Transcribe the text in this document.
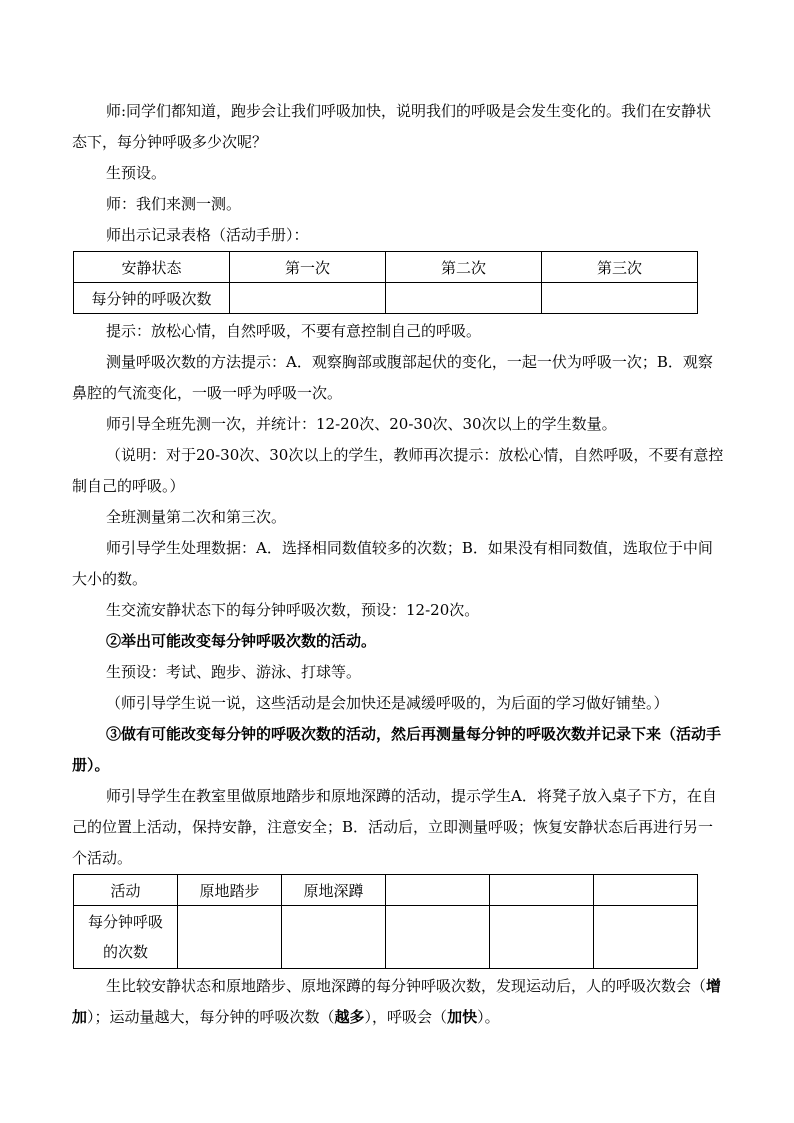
师:同学们都知道，跑步会让我们呼吸加快，说明我们的呼吸是会发生变化的。我们在安静状态下，每分钟呼吸多少次呢？

生预设。

师：我们来测一测。

师出示记录表格（活动手册）：

安静状态	第一次	第二次	第三次
每分钟的呼吸次数			

提示：放松心情，自然呼吸，不要有意控制自己的呼吸。

测量呼吸次数的方法提示：A．观察胸部或腹部起伏的变化，一起一伏为呼吸一次；B．观察鼻腔的气流变化，一吸一呼为呼吸一次。

师引导全班先测一次，并统计：12-20次、20-30次、30次以上的学生数量。

（说明：对于20-30次、30次以上的学生，教师再次提示：放松心情，自然呼吸，不要有意控制自己的呼吸。）

全班测量第二次和第三次。

师引导学生处理数据：A．选择相同数值较多的次数；B．如果没有相同数值，选取位于中间大小的数。

生交流安静状态下的每分钟呼吸次数，预设：12-20次。

②举出可能改变每分钟呼吸次数的活动。

生预设：考试、跑步、游泳、打球等。

（师引导学生说一说，这些活动是会加快还是减缓呼吸的，为后面的学习做好铺垫。）

③做有可能改变每分钟的呼吸次数的活动，然后再测量每分钟的呼吸次数并记录下来（活动手册）。

师引导学生在教室里做原地踏步和原地深蹲的活动，提示学生A．将凳子放入桌子下方，在自己的位置上活动，保持安静，注意安全；B．活动后，立即测量呼吸；恢复安静状态后再进行另一个活动。

活动	原地踏步	原地深蹲			
每分钟呼吸的次数					

生比较安静状态和原地踏步、原地深蹲的每分钟呼吸次数，发现运动后，人的呼吸次数会（增加）；运动量越大，每分钟的呼吸次数（越多），呼吸会（加快）。
